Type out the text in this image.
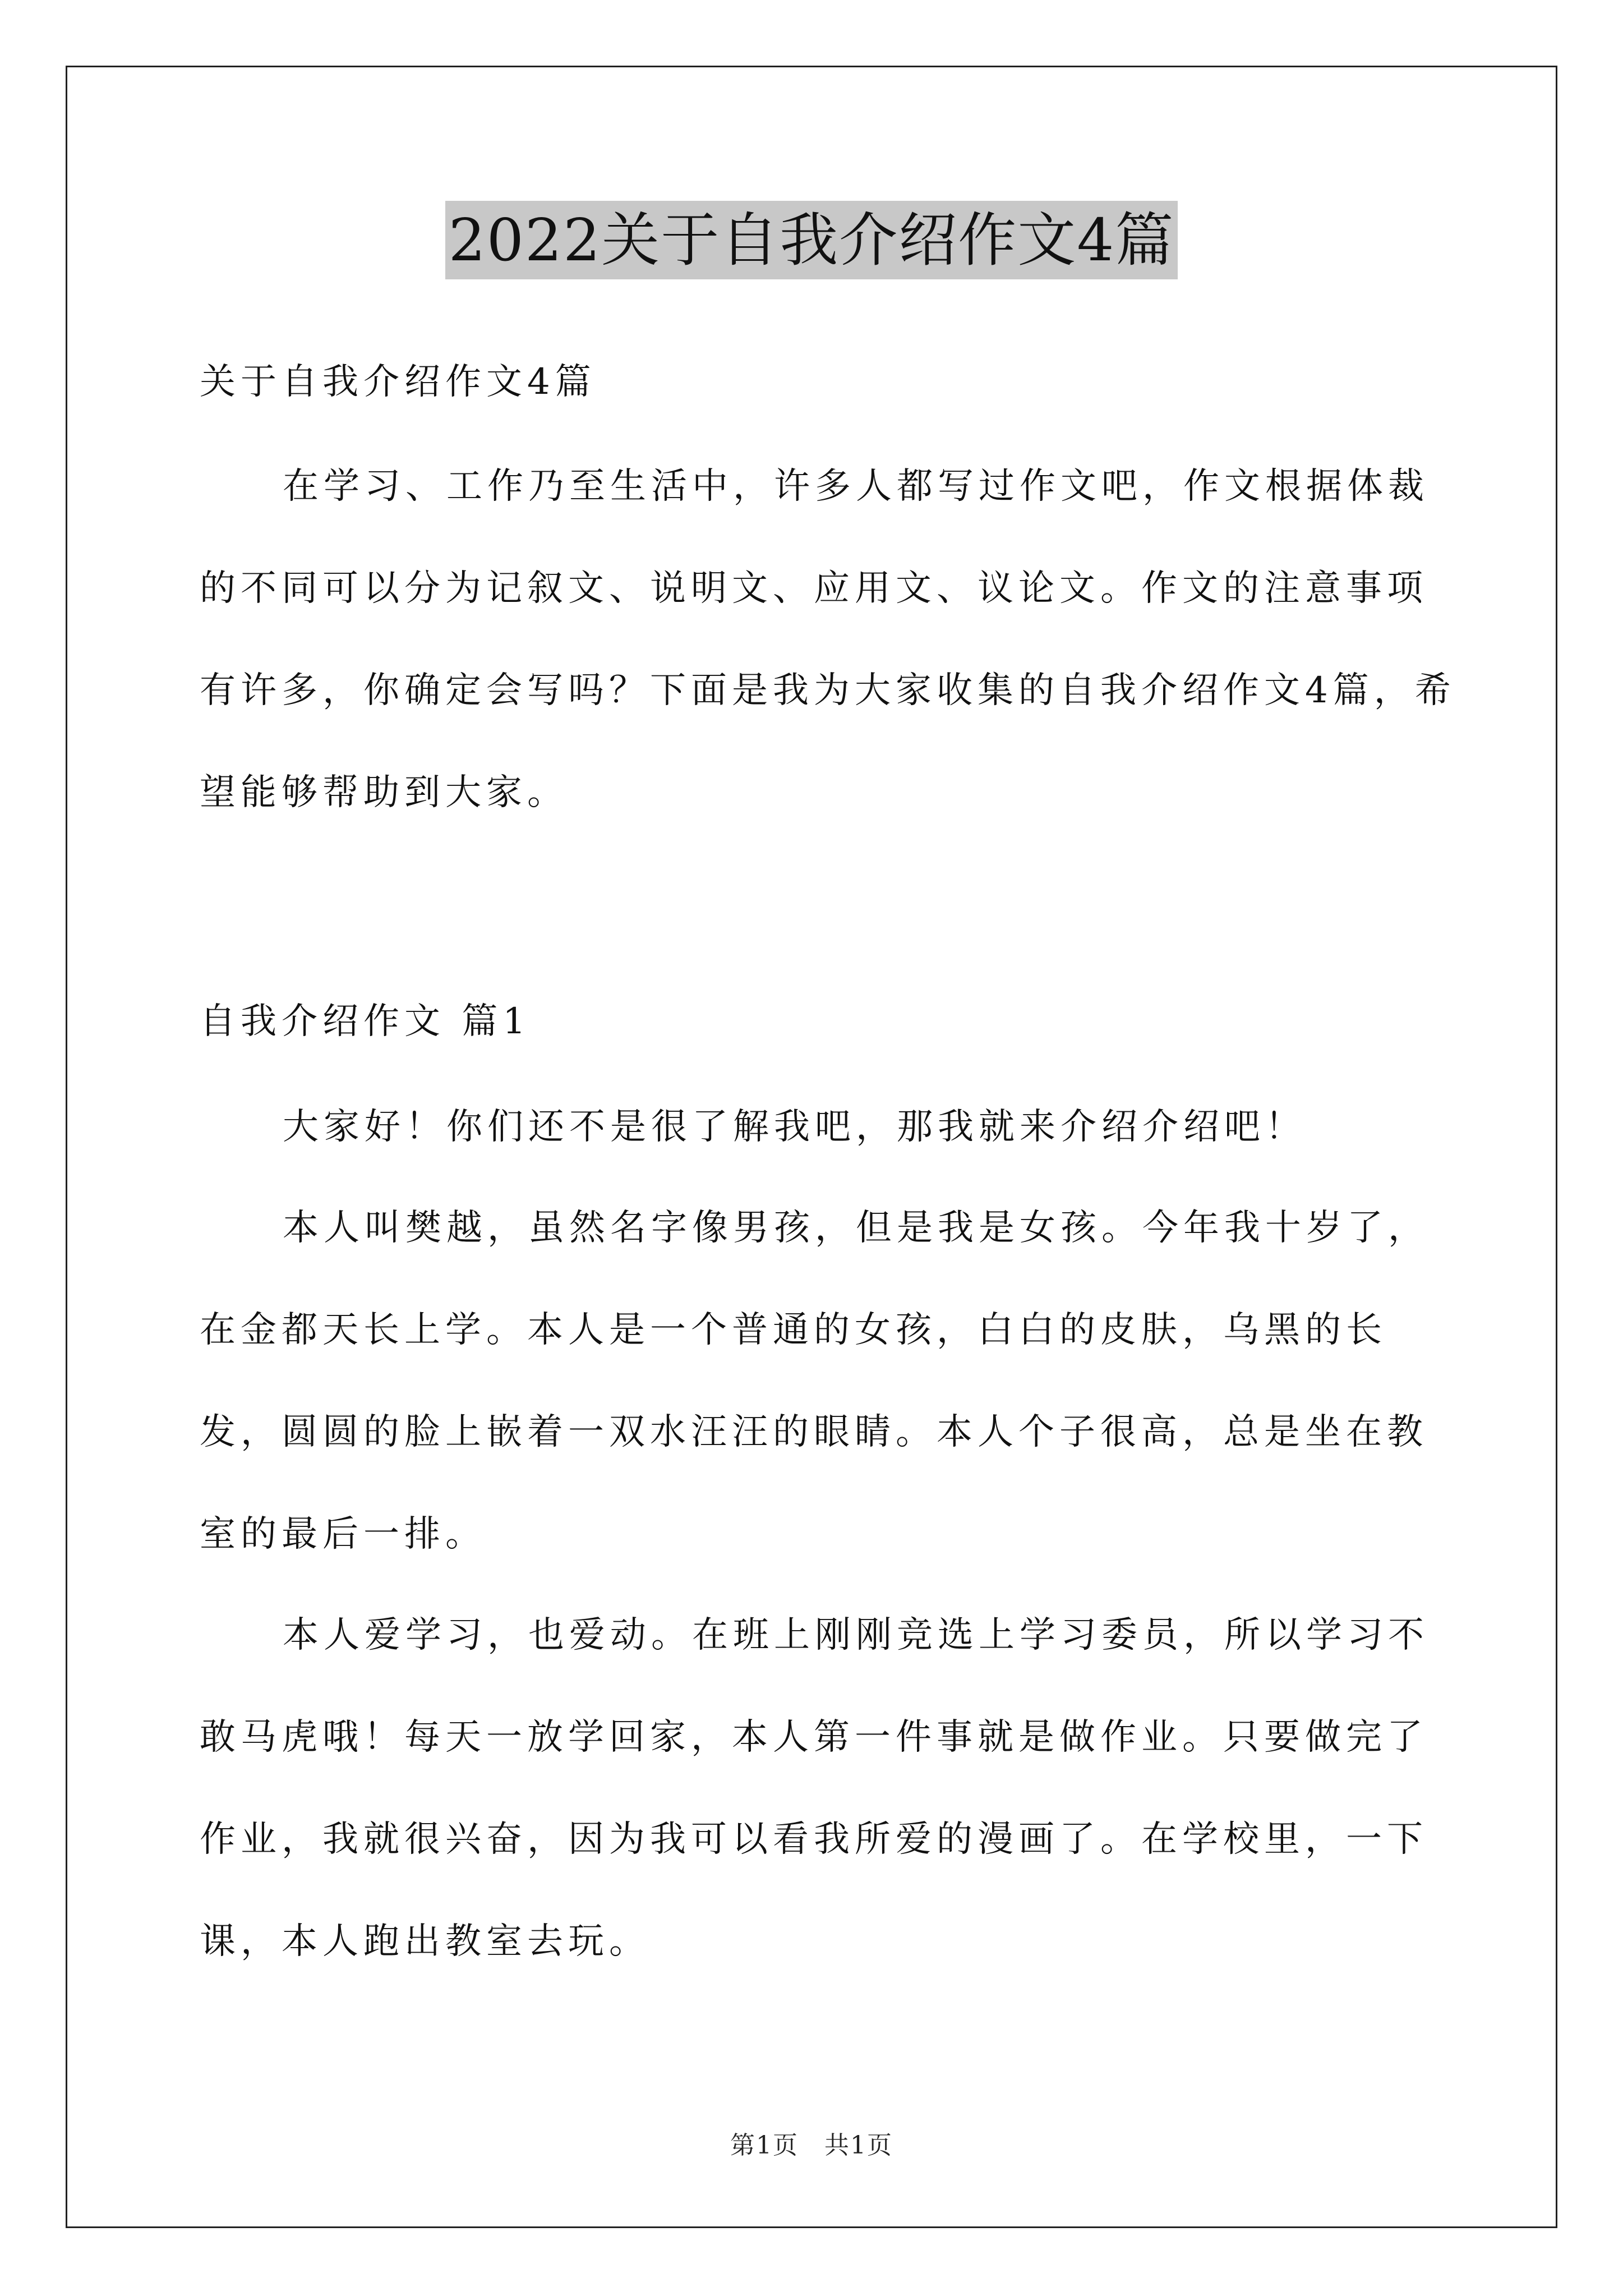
2022关于自我介绍作文4篇

关于自我介绍作文4篇

在学习、工作乃至生活中，许多人都写过作文吧，作文根据体裁的不同可以分为记叙文、说明文、应用文、议论文。作文的注意事项有许多，你确定会写吗？下面是我为大家收集的自我介绍作文4篇，希望能够帮助到大家。

自我介绍作文 篇1

大家好！你们还不是很了解我吧，那我就来介绍介绍吧！

本人叫樊越，虽然名字像男孩，但是我是女孩。今年我十岁了，在金都天长上学。本人是一个普通的女孩，白白的皮肤，乌黑的长发，圆圆的脸上嵌着一双水汪汪的眼睛。本人个子很高，总是坐在教室的最后一排。

本人爱学习，也爱动。在班上刚刚竞选上学习委员，所以学习不敢马虎哦！每天一放学回家，本人第一件事就是做作业。只要做完了作业，我就很兴奋，因为我可以看我所爱的漫画了。在学校里，一下课，本人跑出教室去玩。

第1页　共1页
